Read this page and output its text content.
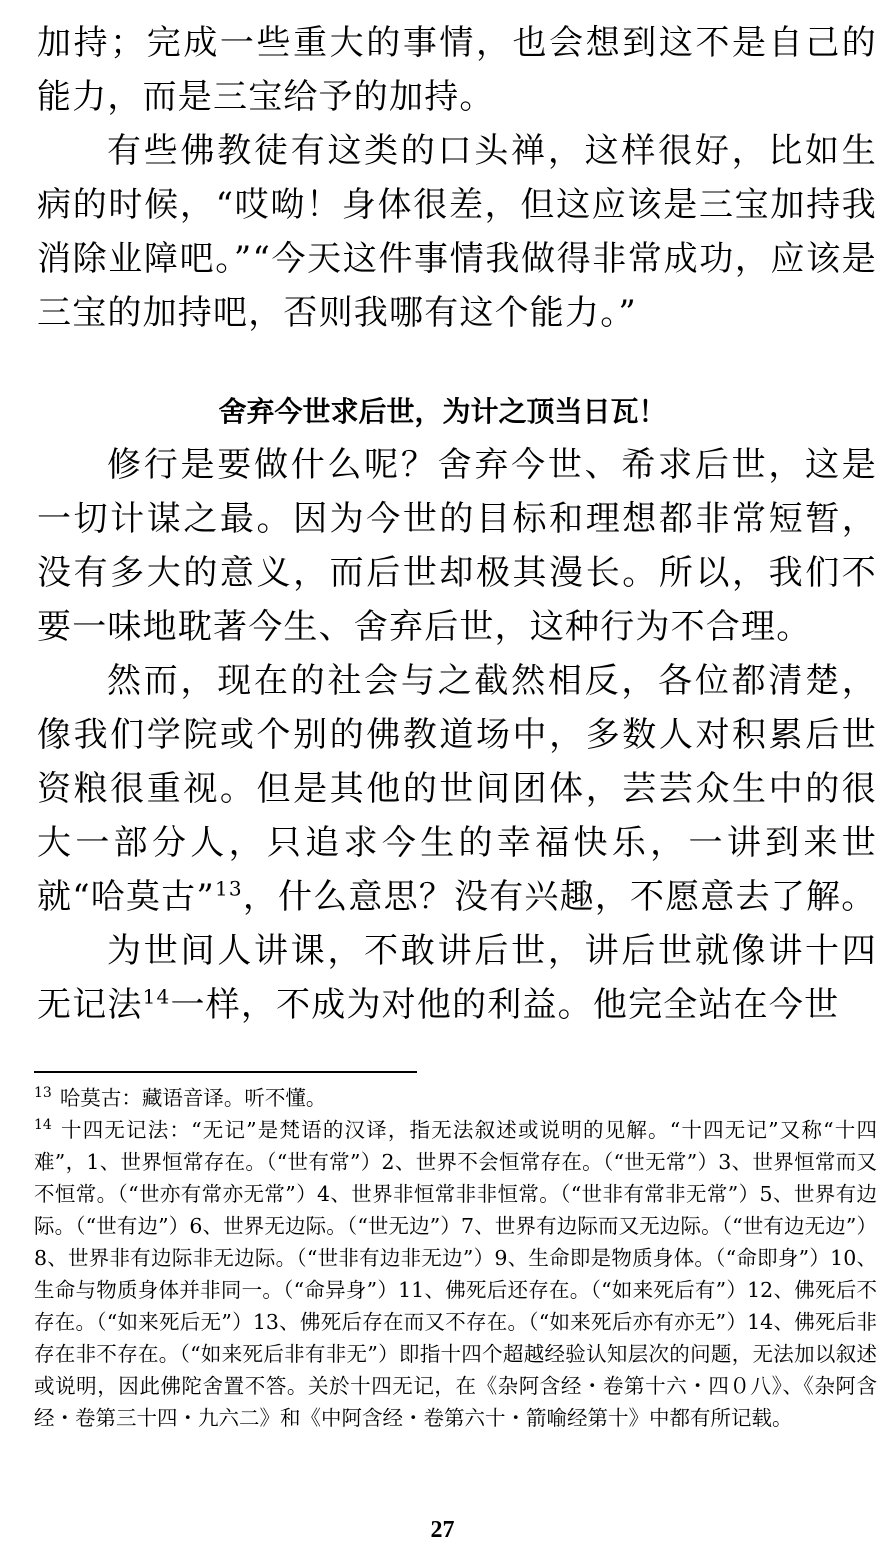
加持；完成一些重大的事情，也会想到这不是自己的能力，而是三宝给予的加持。

有些佛教徒有这类的口头禅，这样很好，比如生病的时候，“哎呦！身体很差，但这应该是三宝加持我消除业障吧。”“今天这件事情我做得非常成功，应该是三宝的加持吧，否则我哪有这个能力。”

舍弃今世求后世，为计之顶当日瓦！

修行是要做什么呢？舍弃今世、希求后世，这是一切计谋之最。因为今世的目标和理想都非常短暂，没有多大的意义，而后世却极其漫长。所以，我们不要一味地耽著今生、舍弃后世，这种行为不合理。

然而，现在的社会与之截然相反，各位都清楚，像我们学院或个别的佛教道场中，多数人对积累后世资粮很重视。但是其他的世间团体，芸芸众生中的很大一部分人，只追求今生的幸福快乐，一讲到来世就“哈莫古”$^{13}$，什么意思？没有兴趣，不愿意去了解。

为世间人讲课，不敢讲后世，讲后世就像讲十四无记法$^{14}$一样，不成为对他的利益。他完全站在今世

$^{13}$ 哈莫古：藏语音译。听不懂。

$^{14}$ 十四无记法：“无记”是梵语的汉译，指无法叙述或说明的见解。“十四无记”又称“十四难”，1、世界恒常存在。（“世有常”）2、世界不会恒常存在。（“世无常”）3、世界恒常而又不恒常。（“世亦有常亦无常”）4、世界非恒常非非恒常。（“世非有常非无常”）5、世界有边际。（“世有边”）6、世界无边际。（“世无边”）7、世界有边际而又无边际。（“世有边无边”）8、世界非有边际非无边际。（“世非有边非无边”）9、生命即是物质身体。（“命即身”）10、生命与物质身体并非同一。（“命异身”）11、佛死后还存在。（“如来死后有”）12、佛死后不存在。（“如来死后无”）13、佛死后存在而又不存在。（“如来死后亦有亦无”）14、佛死后非存在非不存在。（“如来死后非有非无”）即指十四个超越经验认知层次的问题，无法加以叙述或说明，因此佛陀舍置不答。关於十四无记，在《杂阿含经・卷第十六・四０八》、《杂阿含经・卷第三十四・九六二》和《中阿含经・卷第六十・箭喻经第十》中都有所记载。

27
